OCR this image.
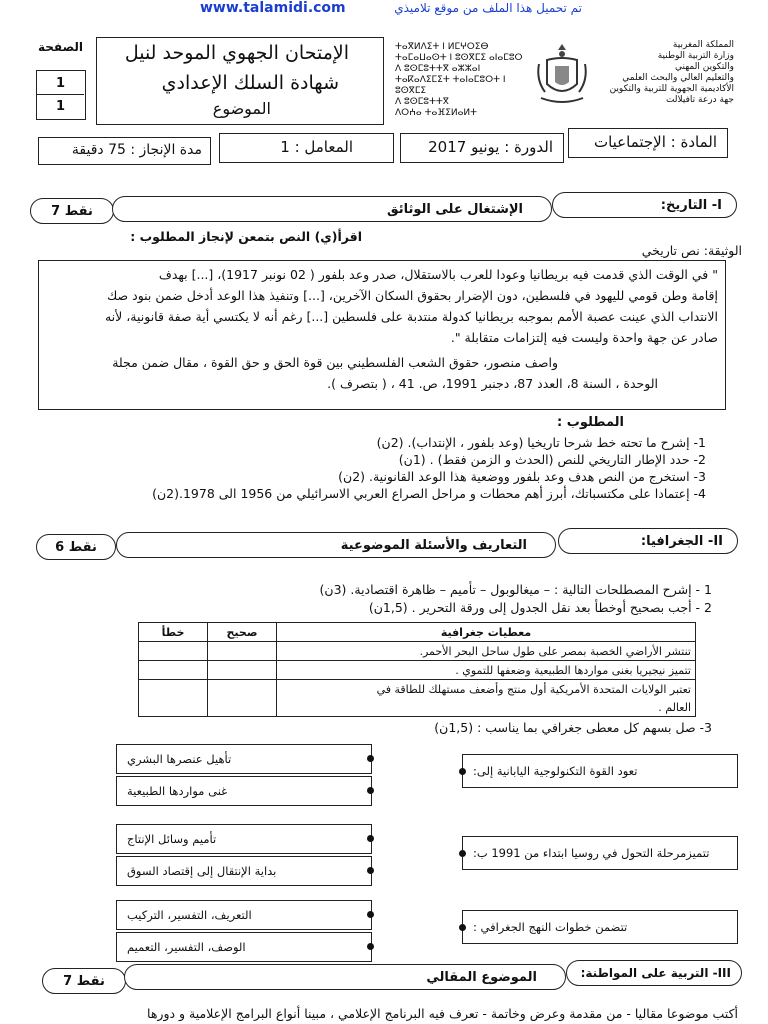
www.talamidi.com	تم تحميل هذا الملف من موقع تلاميذي
الصفحة
1
1
الإمتحان الجهوي الموحد لنيل
شهادة السلك الإعدادي
الموضوع
ⵜⴰⴳⵍⴷⵉⵜ ⵏ ⵍⵎⵖⵔⵉⴱ
ⵜⴰⵎⴰⵡⴰⵙⵜ ⵏ ⵓⵙⴳⵎⵉ ⴰⵏⴰⵎⵓⵔ
ⴷ ⵓⵙⵎⵓⵜⵜⴳ ⴰⵣⵣⴰⵏ
ⵜⴰⴽⴰⴷⵉⵎⵉⵜ ⵜⴰⵏⴰⵎⵓⵔⵜ ⵏ ⵓⵙⴳⵎⵉ
ⴷ ⵓⵙⵎⵓⵜⵜⴳ
ⴷⵔⵄⴰ ⵜⴰⴼⵉⵍⴰⵍⵜ
المملكة المغربية
وزارة التربية الوطنية
والتكوين المهني
والتعليم العالي والبحث العلمي
الأكاديمية الجهوية للتربية والتكوين
جهة درعة تافيلالت
مدة الإنجاز : 75 دقيقة	المعامل : 1	الدورة : يونيو 2017	المادة : الإجتماعيات
7 نقط	الإشتغال على الوثائق	I- التاريخ:
اقرأ(ي) النص بتمعن لإنجاز المطلوب :
الوثيقة: نص تاريخي
" في الوقت الذي قدمت فيه بريطانيا وعودا للعرب بالاستقلال، صدر وعد بلفور ( 02 نونبر 1917)، [...] بهدف
إقامة وطن قومي لليهود في فلسطين، دون الإضرار بحقوق السكان الآخرين، [...] وتنفيذ هذا الوعد أدخل ضمن بنود صك
الانتداب الذي عينت عصبة الأمم بموجبه بريطانيا كدولة منتدبة على فلسطين [...] رغم أنه لا يكتسي أية صفة قانونية، لأنه
صادر عن جهة واحدة وليست فيه إلتزامات متقابلة ".
واصف منصور، حقوق الشعب الفلسطيني بين قوة الحق و حق القوة ، مقال ضمن مجلة
الوحدة ، السنة 8، العدد 87، دجنبر 1991، ص. 41 ، ( بتصرف ).
المطلوب :
1- إشرح ما تحته خط شرحا تاريخيا (وعد بلفور ، الإنتداب). (2ن)
2- حدد الإطار التاريخي للنص (الحدث و الزمن فقط) . (1ن)
3- استخرج من النص هدف وعد بلفور ووضعية هذا الوعد القانونية. (2ن)
4- إعتمادا على مكتسباتك، أبرز أهم محطات و مراحل الصراع العربي الاسرائيلي من 1956 الى 1978.(2ن)
6 نقط	التعاريف والأسئلة الموضوعية	II- الجغرافيا:
1 - إشرح المصطلحات التالية : – ميغالوبول – تأميم – ظاهرة اقتصادية. (3ن)
2 - أجب بصحيح أوخطأ بعد نقل الجدول إلى ورقة التحرير . (1,5ن)
خطأ	صحيح	معطيات جغرافية
		تنتشر الأراضي الخصبة بمصر على طول ساحل البحر الأحمر.
		تتميز نيجيريا بغنى مواردها الطبيعية وضعفها للتموي .
		تعتبر الولايات المتحدة الأمريكية أول منتج وأضعف مستهلك للطاقة في
		العالم .
3- صل بسهم كل معطى جغرافي بما يناسب : (1,5ن)
تأهيل عنصرها البشري
غنى مواردها الطبيعية
تأميم وسائل الإنتاج
بداية الإنتقال إلى إقتصاد السوق
التعريف، التفسير، التركيب
الوصف، التفسير، التعميم
تعود القوة التكنولوجية اليابانية إلى:
تتميزمرحلة التحول في روسيا ابتداء من 1991 ب:
تتضمن خطوات النهج الجغرافي :
7 نقط	الموضوع المقالي	III- التربية على المواطنة:
أكتب موضوعا مقاليا - من مقدمة وعرض وخاتمة - تعرف فيه البرنامج الإعلامي ، مبينا أنواع البرامج الإعلامية و دورها
